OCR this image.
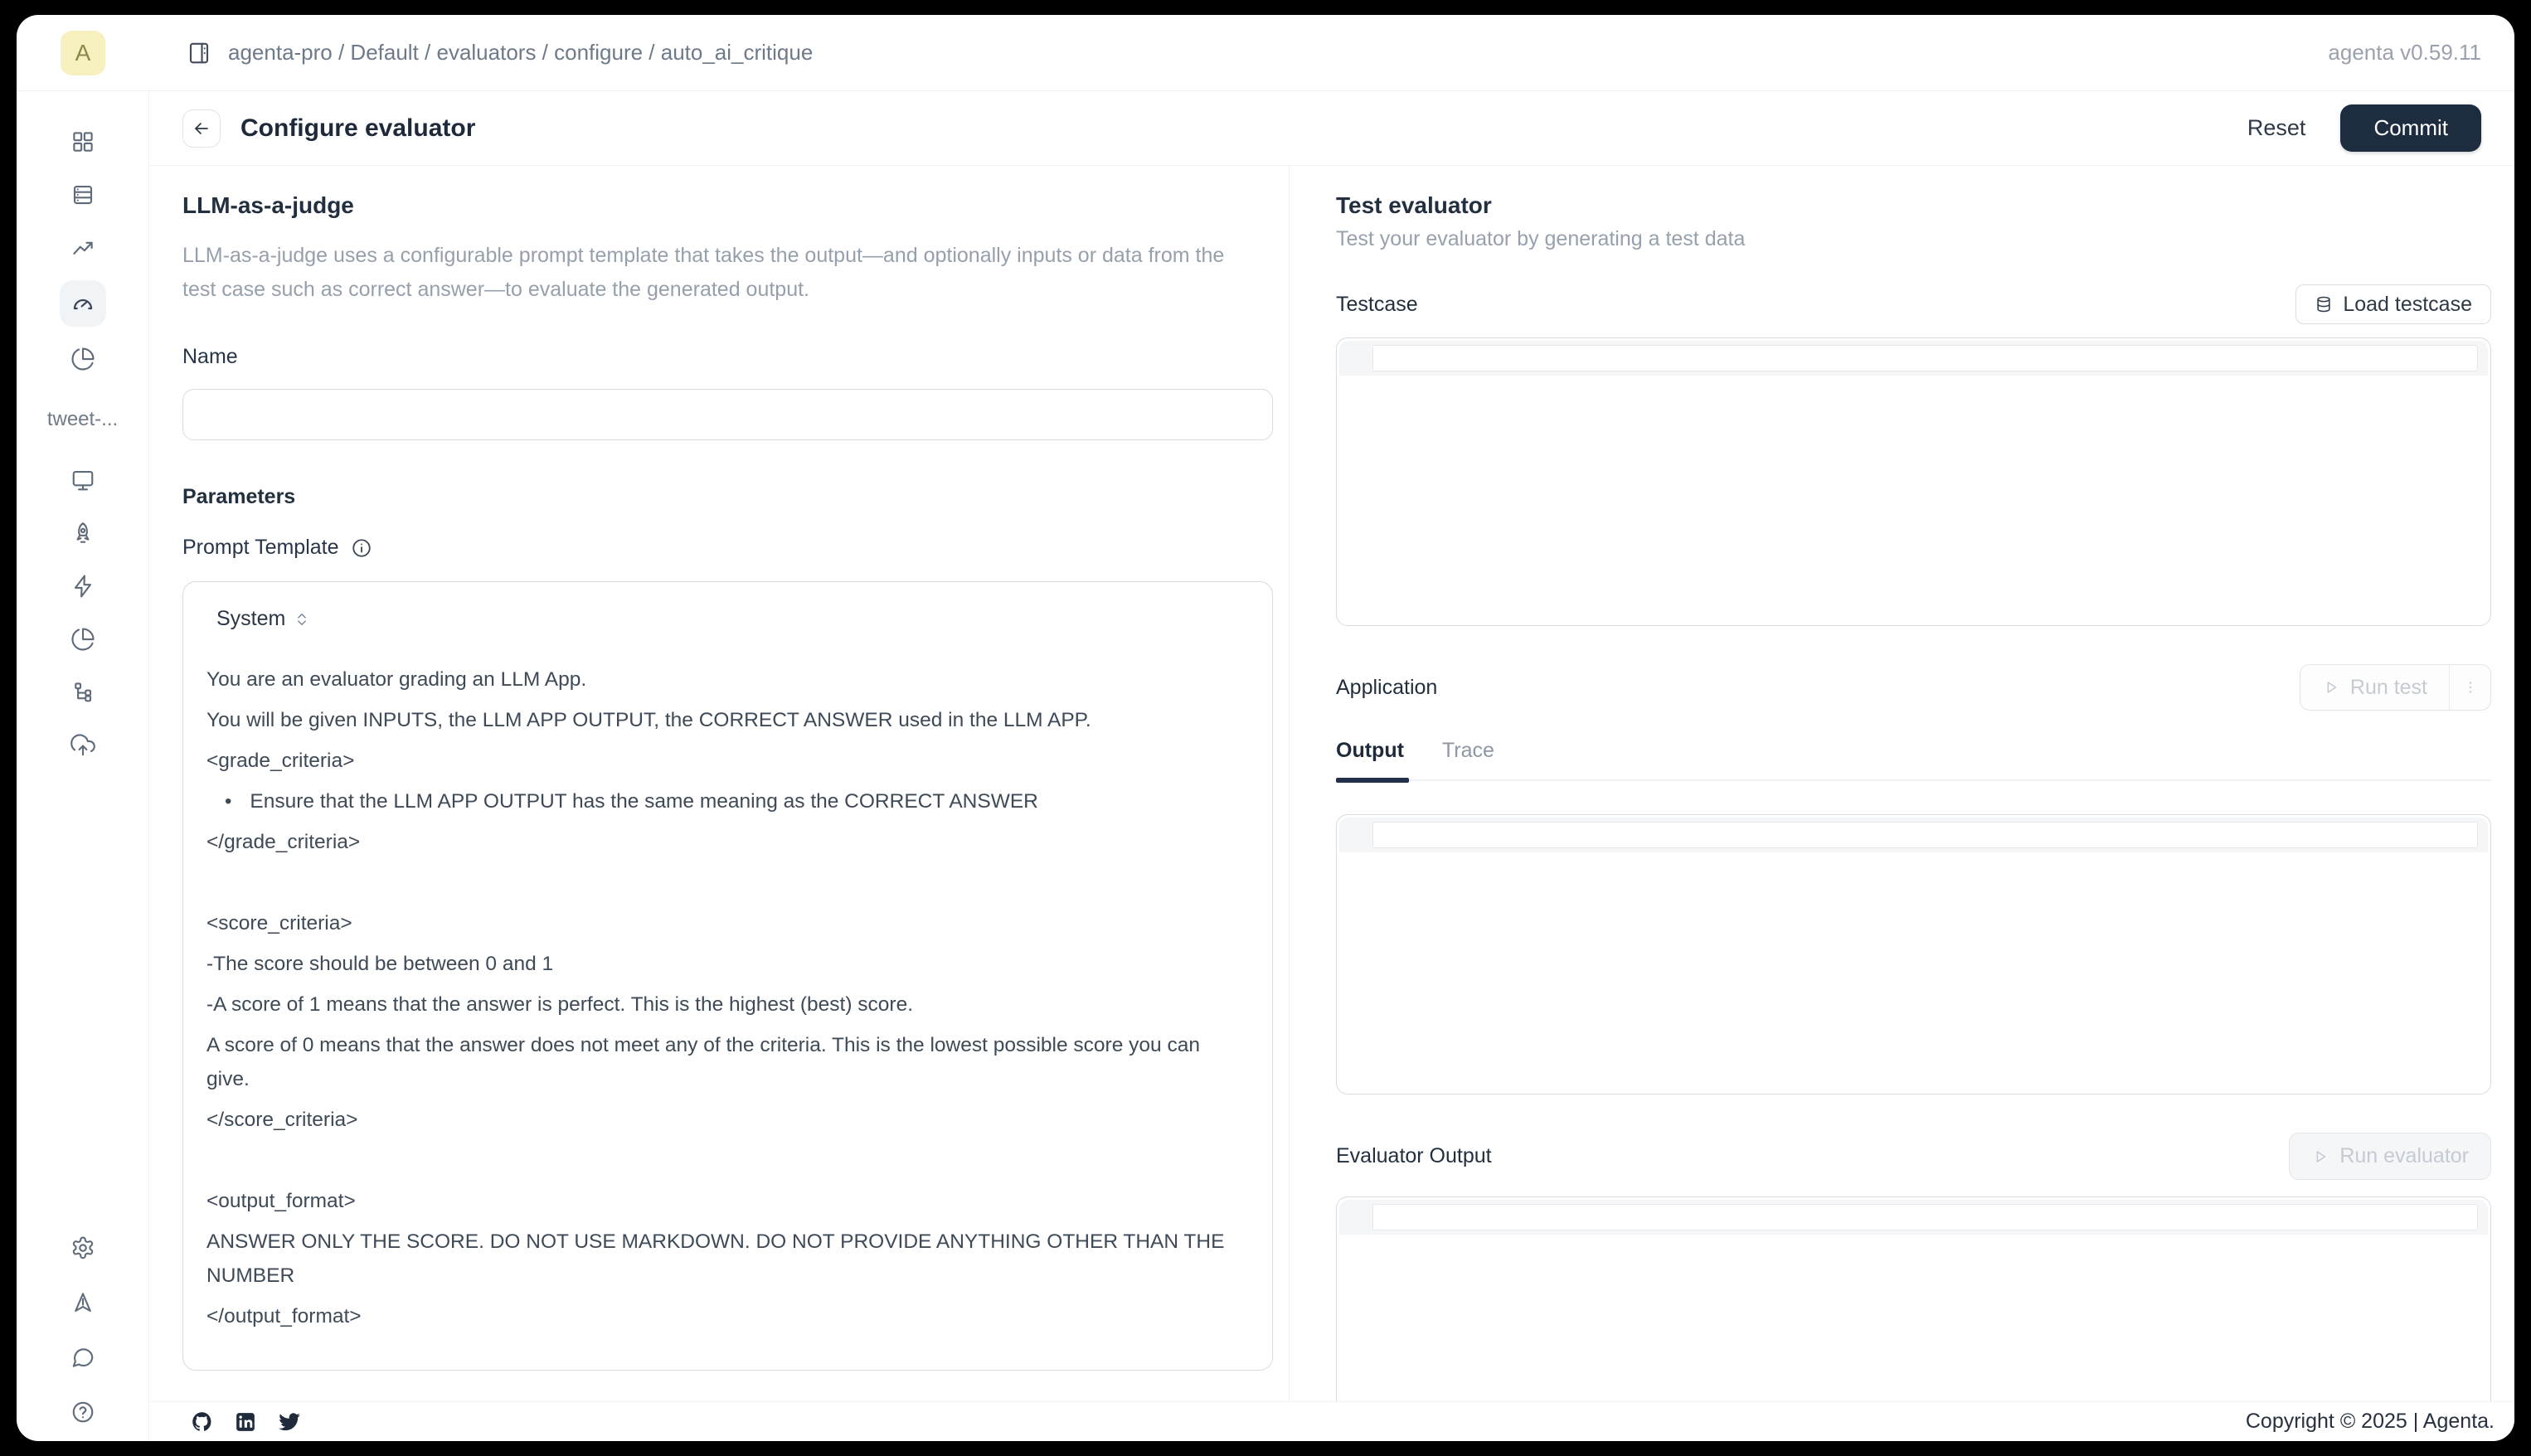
A	agenta-pro / Default / evaluators / configure / auto_ai_critique	agenta v0.59.11
tweet-...
Configure evaluator	Reset	Commit
LLM-as-a-judge
LLM-as-a-judge uses a configurable prompt template that takes the output—and optionally inputs or data from the test case such as correct answer—to evaluate the generated output.
Name
Parameters
Prompt Template
System
You are an evaluator grading an LLM App.
You will be given INPUTS, the LLM APP OUTPUT, the CORRECT ANSWER used in the LLM APP.
<grade_criteria>
• Ensure that the LLM APP OUTPUT has the same meaning as the CORRECT ANSWER
</grade_criteria>
<score_criteria>
-The score should be between 0 and 1
-A score of 1 means that the answer is perfect. This is the highest (best) score.
A score of 0 means that the answer does not meet any of the criteria. This is the lowest possible score you can give.
</score_criteria>
<output_format>
ANSWER ONLY THE SCORE. DO NOT USE MARKDOWN. DO NOT PROVIDE ANYTHING OTHER THAN THE NUMBER
</output_format>
Test evaluator
Test your evaluator by generating a test data
Testcase	Load testcase
Application	Run test
Output Trace
Evaluator Output	Run evaluator
Copyright © 2025 | Agenta.
